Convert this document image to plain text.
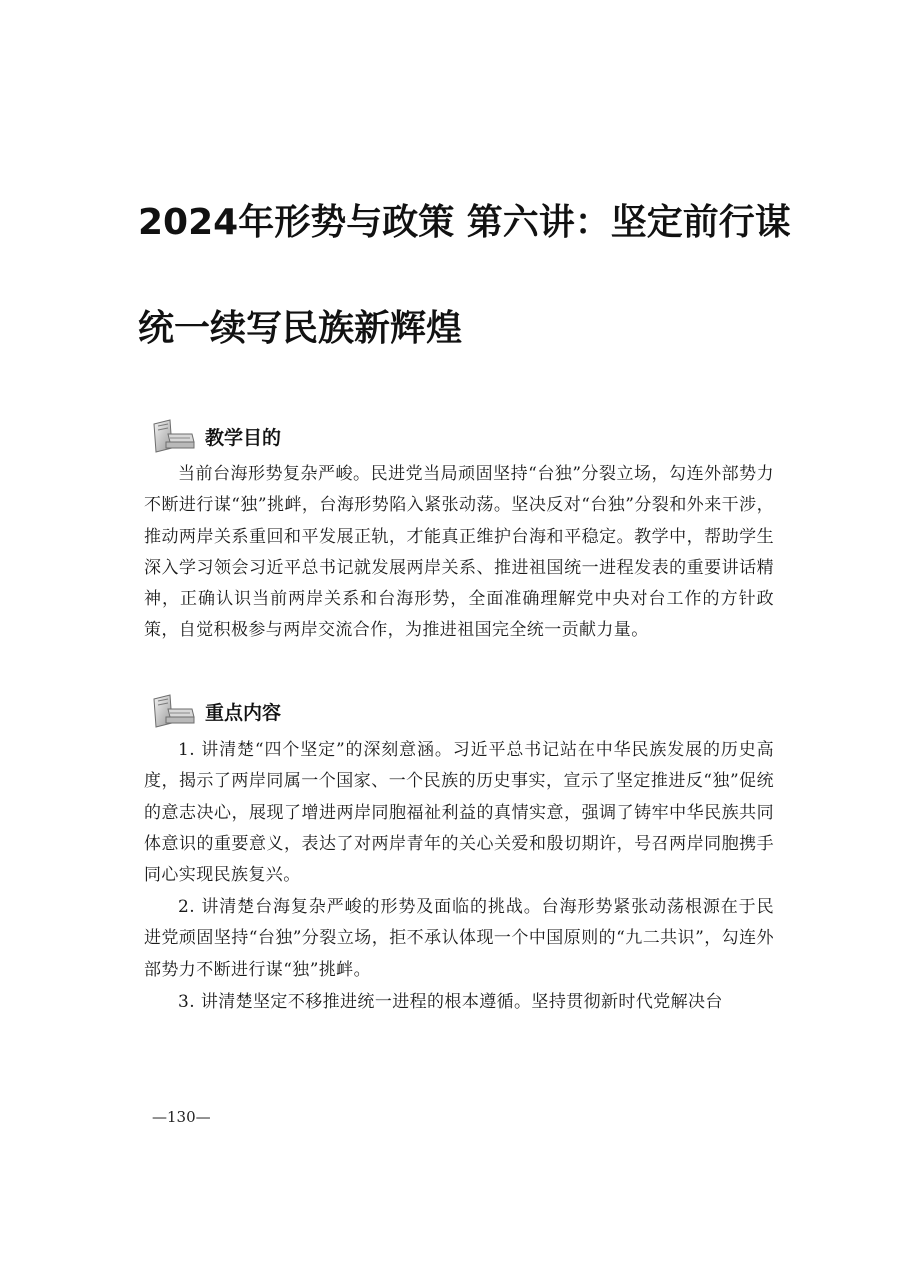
2024年形势与政策 第六讲：坚定前行谋统一续写民族新辉煌
教学目的

当前台海形势复杂严峻。民进党当局顽固坚持“台独”分裂立场，勾连外部势力不断进行谋“独”挑衅，台海形势陷入紧张动荡。坚决反对“台独”分裂和外来干涉，推动两岸关系重回和平发展正轨，才能真正维护台海和平稳定。教学中，帮助学生深入学习领会习近平总书记就发展两岸关系、推进祖国统一进程发表的重要讲话精神，正确认识当前两岸关系和台海形势，全面准确理解党中央对台工作的方针政策，自觉积极参与两岸交流合作，为推进祖国完全统一贡献力量。

重点内容

1. 讲清楚“四个坚定”的深刻意涵。习近平总书记站在中华民族发展的历史高度，揭示了两岸同属一个国家、一个民族的历史事实，宣示了坚定推进反“独”促统的意志决心，展现了增进两岸同胞福祉利益的真情实意，强调了铸牢中华民族共同体意识的重要意义，表达了对两岸青年的关心关爱和殷切期许，号召两岸同胞携手同心实现民族复兴。

2. 讲清楚台海复杂严峻的形势及面临的挑战。台海形势紧张动荡根源在于民进党顽固坚持“台独”分裂立场，拒不承认体现一个中国原则的“九二共识”，勾连外部势力不断进行谋“独”挑衅。

3. 讲清楚坚定不移推进统一进程的根本遵循。坚持贯彻新时代党解决台

—130—
